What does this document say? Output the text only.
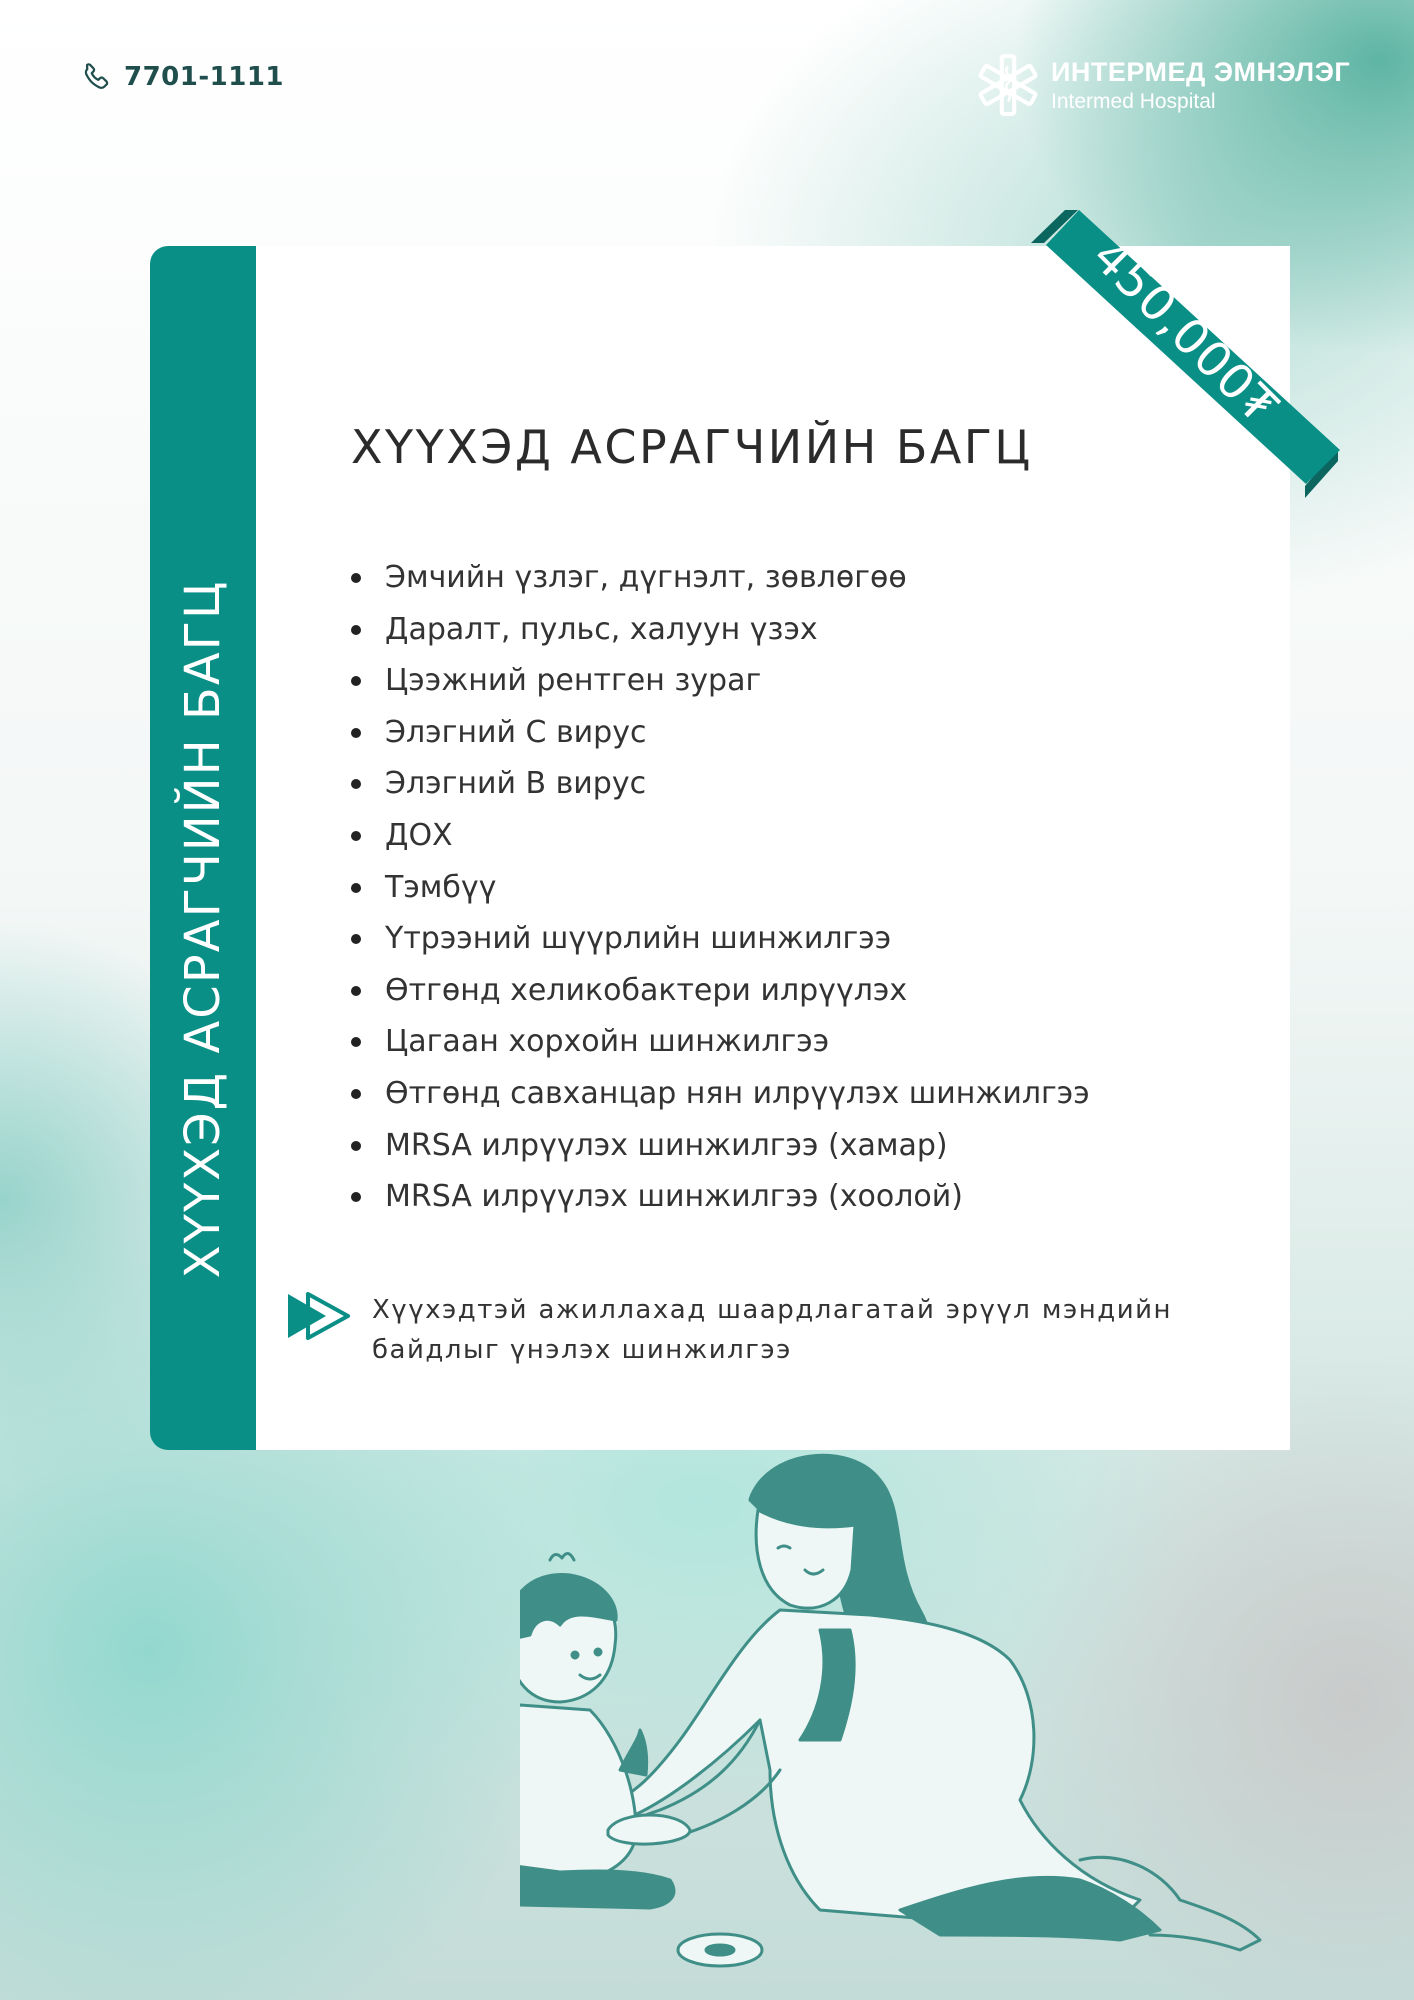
7701-1111	ИНТЕРМЕД ЭМНЭЛЭГ
Intermed Hospital
ХҮҮХЭД АСРАГЧИЙН БАГЦ
450,000₮
ХҮҮХЭД АСРАГЧИЙН БАГЦ
Эмчийн үзлэг, дүгнэлт, зөвлөгөө
Даралт, пульс, халуун үзэх
Цээжний рентген зураг
Элэгний С вирус
Элэгний В вирус
ДОХ
Тэмбүү
Үтрээний шүүрлийн шинжилгээ
Өтгөнд хеликобактери илрүүлэх
Цагаан хорхойн шинжилгээ
Өтгөнд савханцар нян илрүүлэх шинжилгээ
MRSA илрүүлэх шинжилгээ (хамар)
MRSA илрүүлэх шинжилгээ (хоолой)
Хүүхэдтэй ажиллахад шаардлагатай эрүүл мэндийн байдлыг үнэлэх шинжилгээ
